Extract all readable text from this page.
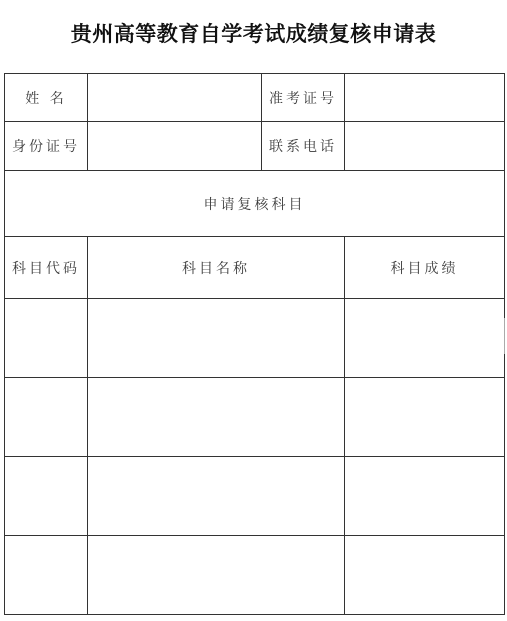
贵州高等教育自学考试成绩复核申请表
姓 名		准考证号	
身份证号		联系电话	
申请复核科目			
科目代码	科目名称		科目成绩
